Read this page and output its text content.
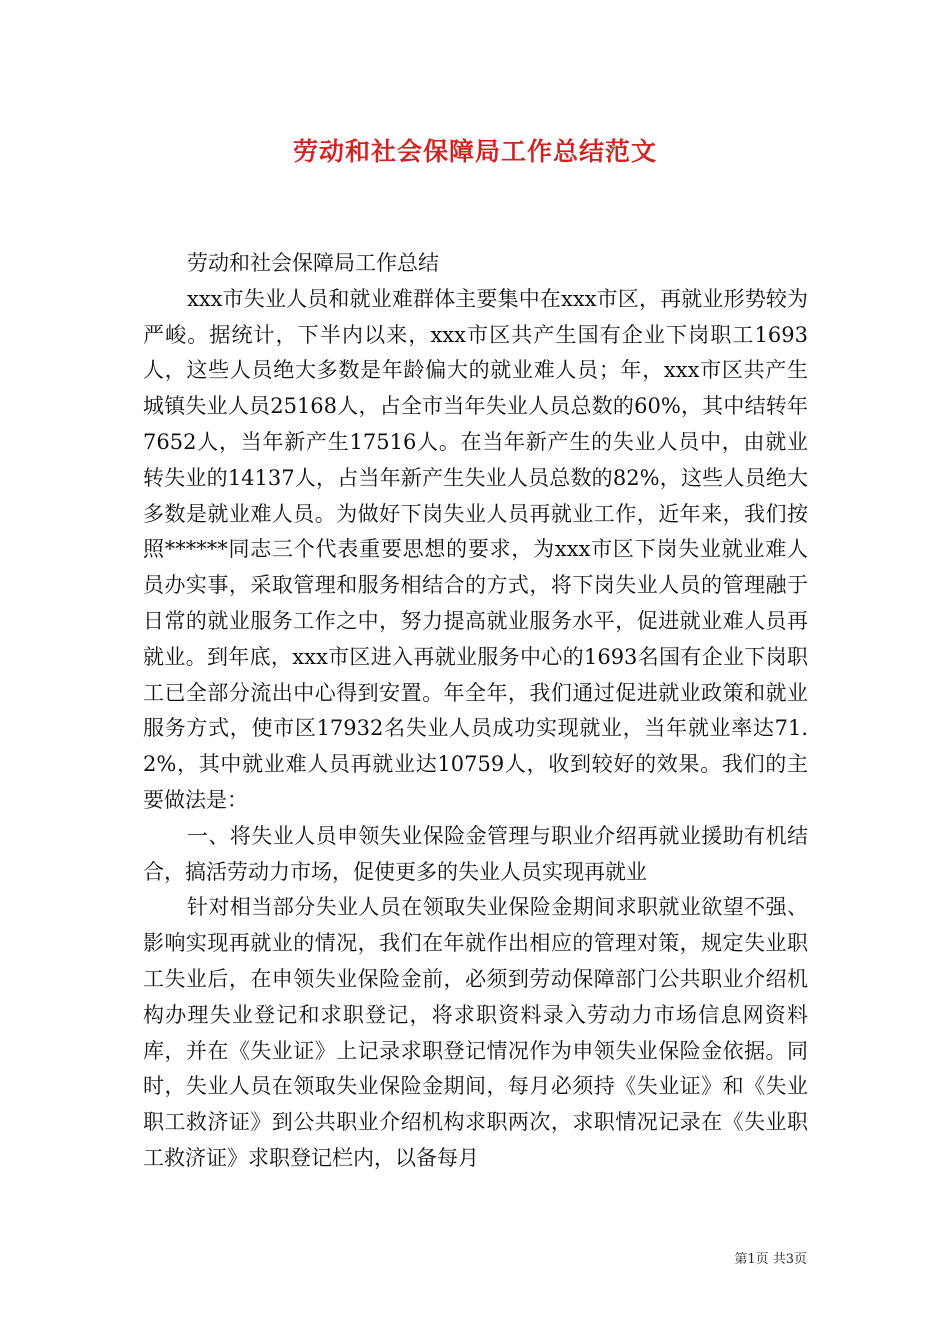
劳动和社会保障局工作总结范文

劳动和社会保障局工作总结

xxx市失业人员和就业难群体主要集中在xxx市区，再就业形势较为严峻。据统计，下半内以来，xxx市区共产生国有企业下岗职工1693人，这些人员绝大多数是年龄偏大的就业难人员；年，xxx市区共产生城镇失业人员25168人，占全市当年失业人员总数的60%，其中结转年7652人，当年新产生17516人。在当年新产生的失业人员中，由就业转失业的14137人，占当年新产生失业人员总数的82%，这些人员绝大多数是就业难人员。为做好下岗失业人员再就业工作，近年来，我们按照******同志三个代表重要思想的要求，为xxx市区下岗失业就业难人员办实事，采取管理和服务相结合的方式，将下岗失业人员的管理融于日常的就业服务工作之中，努力提高就业服务水平，促进就业难人员再就业。到年底，xxx市区进入再就业服务中心的1693名国有企业下岗职工已全部分流出中心得到安置。年全年，我们通过促进就业政策和就业服务方式，使市区17932名失业人员成功实现就业，当年就业率达71.2%，其中就业难人员再就业达10759人，收到较好的效果。我们的主要做法是：

一、将失业人员申领失业保险金管理与职业介绍再就业援助有机结合，搞活劳动力市场，促使更多的失业人员实现再就业

针对相当部分失业人员在领取失业保险金期间求职就业欲望不强、影响实现再就业的情况，我们在年就作出相应的管理对策，规定失业职工失业后，在申领失业保险金前，必须到劳动保障部门公共职业介绍机构办理失业登记和求职登记，将求职资料录入劳动力市场信息网资料库，并在《失业证》上记录求职登记情况作为申领失业保险金依据。同时，失业人员在领取失业保险金期间，每月必须持《失业证》和《失业职工救济证》到公共职业介绍机构求职两次，求职情况记录在《失业职工救济证》求职登记栏内，以备每月

第1页 共3页
